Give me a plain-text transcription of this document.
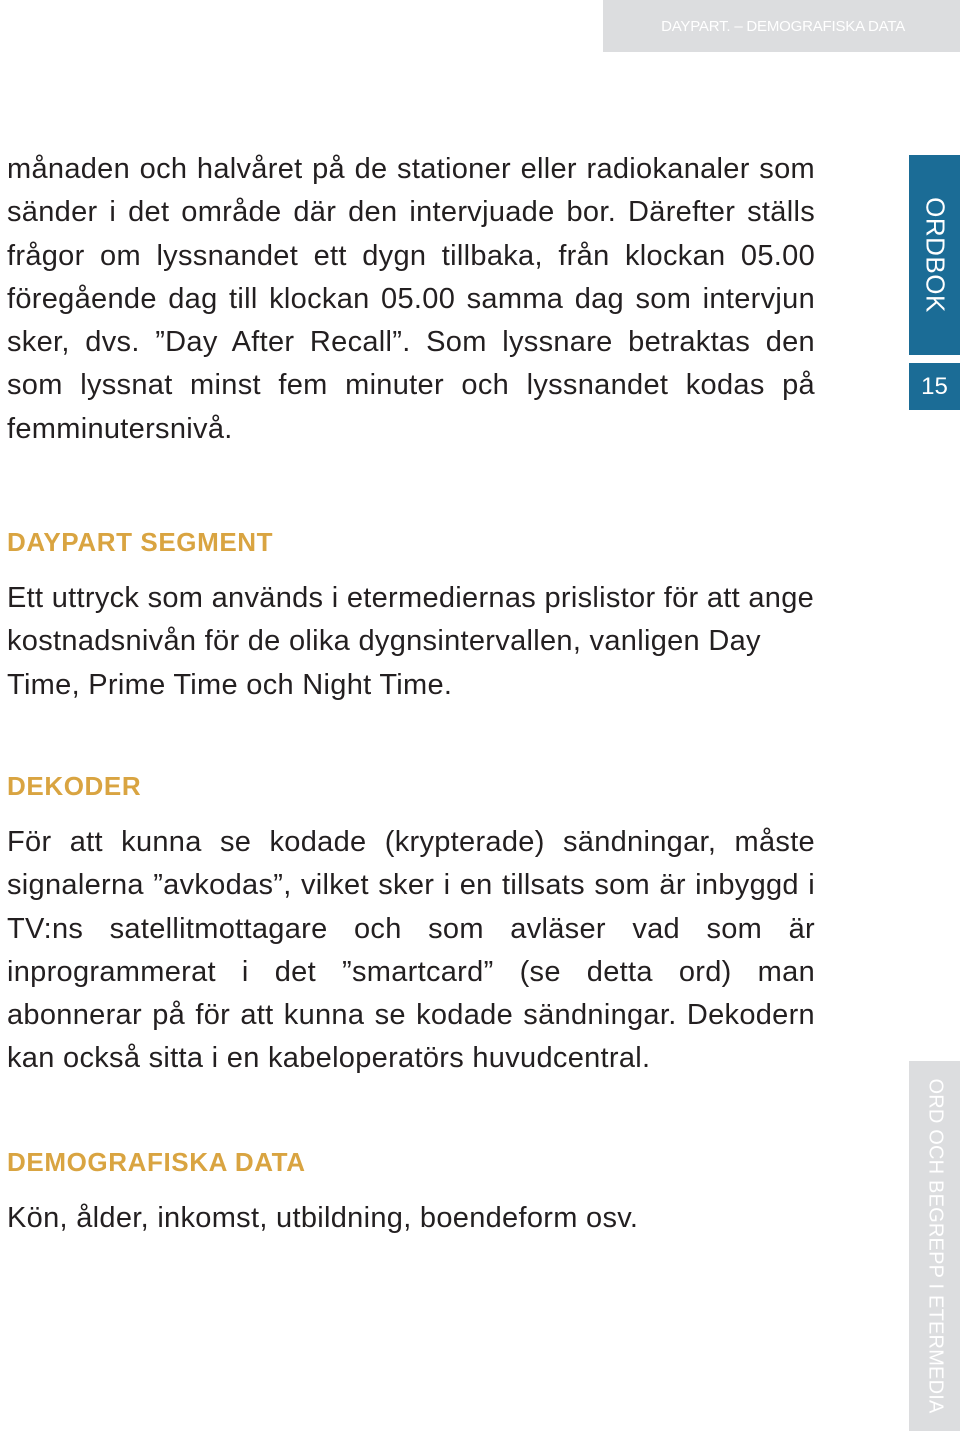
DAYPART. – DEMOGRAFISKA DATA
ORDBOK
15
ORD OCH BEGREPP I ETERMEDIA

månaden och halvåret på de stationer eller radiokanaler som sänder i det område där den intervjuade bor. Därefter ställs frågor om lyssnandet ett dygn tillbaka, från klockan 05.00 föregående dag till klockan 05.00 samma dag som intervjun sker, dvs. ”Day After Recall”. Som lyssnare betraktas den som lyssnat minst fem minuter och lyssnandet kodas på femminutersnivå.

DAYPART SEGMENT

Ett uttryck som används i etermediernas prislistor för att ange kostnadsnivån för de olika dygnsintervallen, vanligen Day Time, Prime Time och Night Time.

DEKODER

För att kunna se kodade (krypterade) sändningar, måste signalerna ”avkodas”, vilket sker i en tillsats som är inbyggd i TV:ns satellitmottagare och som avläser vad som är inprogrammerat i det ”smartcard” (se detta ord) man abonnerar på för att kunna se kodade sändningar. Dekodern kan också sitta i en kabeloperatörs huvudcentral.

DEMOGRAFISKA DATA

Kön, ålder, inkomst, utbildning, boendeform osv.
